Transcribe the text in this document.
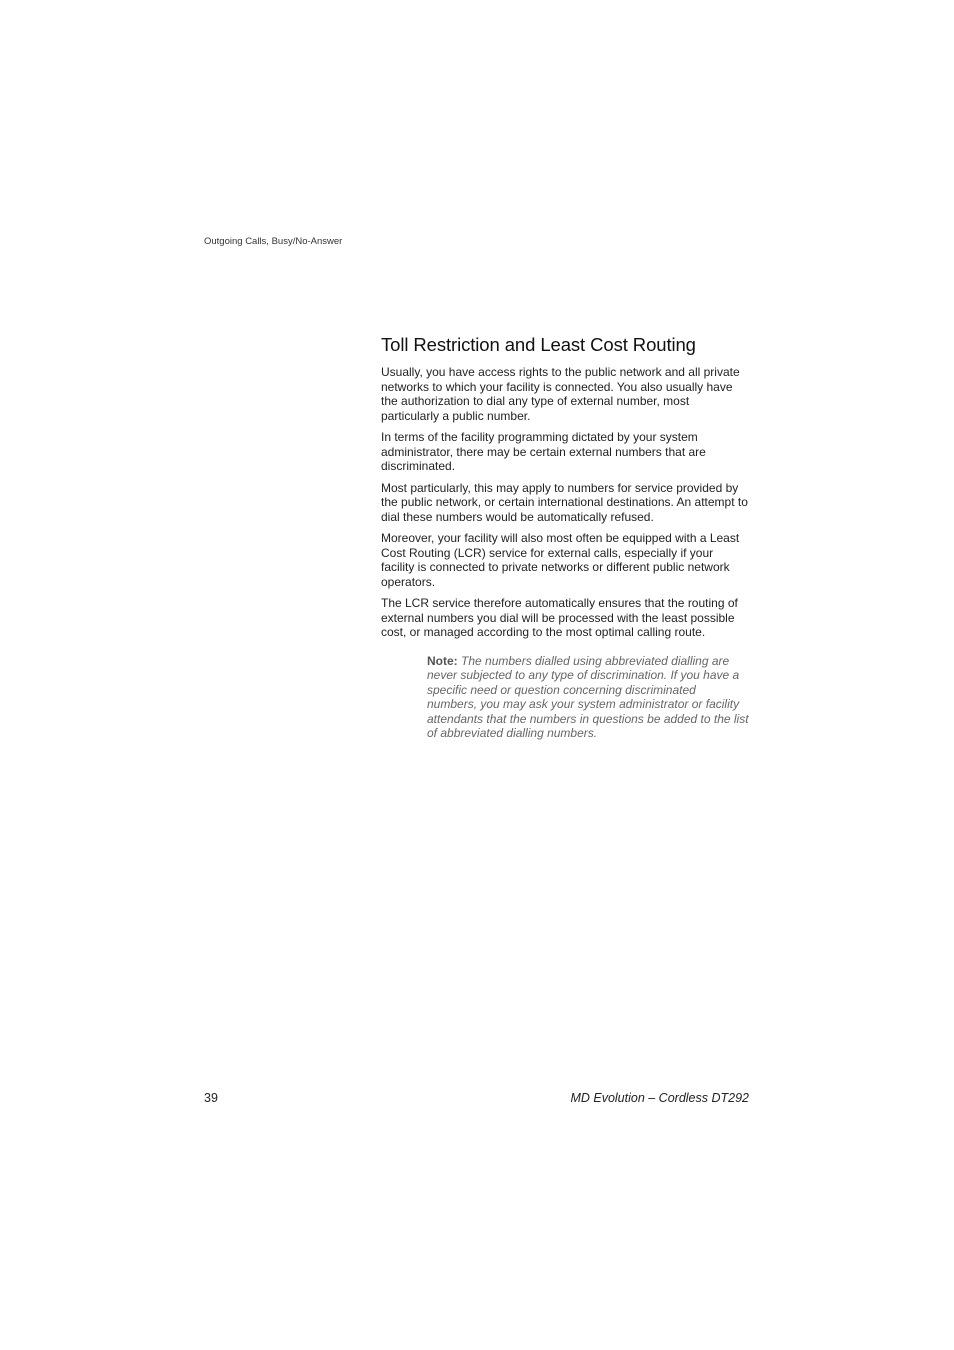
Outgoing Calls, Busy/No-Answer
Toll Restriction and Least Cost Routing

Usually, you have access rights to the public network and all private networks to which your facility is connected. You also usually have the authorization to dial any type of external number, most particularly a public number.

In terms of the facility programming dictated by your system administrator, there may be certain external numbers that are discriminated.

Most particularly, this may apply to numbers for service provided by the public network, or certain international destinations. An attempt to dial these numbers would be automatically refused.

Moreover, your facility will also most often be equipped with a Least Cost Routing (LCR) service for external calls, especially if your facility is connected to private networks or different public network operators.

The LCR service therefore automatically ensures that the routing of external numbers you dial will be processed with the least possible cost, or managed according to the most optimal calling route.

Note: The numbers dialled using abbreviated dialling are never subjected to any type of discrimination. If you have a specific need or question concerning discriminated numbers, you may ask your system administrator or facility attendants that the numbers in questions be added to the list of abbreviated dialling numbers.

39	MD Evolution – Cordless DT292
